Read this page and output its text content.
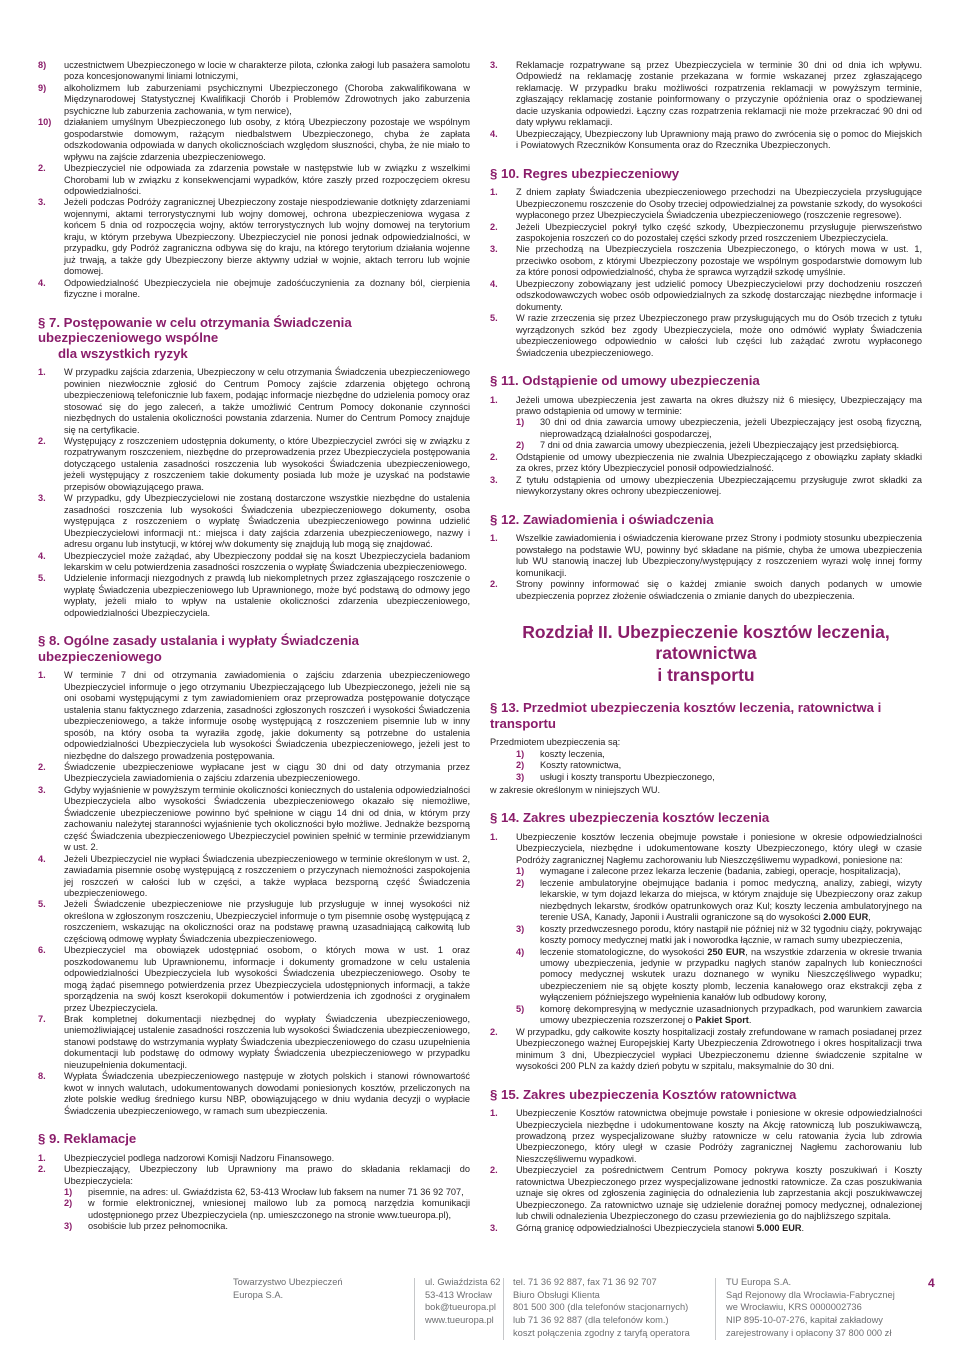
8)	uczestnictwem Ubezpieczonego w locie w charakterze pilota, członka załogi lub pasażera samolotu poza koncesjonowanymi liniami lotniczymi,
9)	alkoholizmem lub zaburzeniami psychicznymi Ubezpieczonego (Choroba zakwalifikowana w Międzynarodowej Statystycznej Kwalifikacji Chorób i Problemów Zdrowotnych jako zaburzenia psychiczne lub zaburzenia zachowania, w tym nerwice),
10)	działaniem umyślnym Ubezpieczonego lub osoby, z którą Ubezpieczony pozostaje we wspólnym gospodarstwie domowym, rażącym niedbalstwem Ubezpieczonego, chyba że zapłata odszkodowania odpowiada w danych okolicznościach względom słuszności, chyba, że nie miało to wpływu na zajście zdarzenia ubezpieczeniowego.
2.	Ubezpieczyciel nie odpowiada za zdarzenia powstałe w następstwie lub w związku z wszelkimi Chorobami lub w związku z konsekwencjami wypadków, które zaszły przed rozpoczęciem okresu odpowiedzialności.
3.	Jeżeli podczas Podróży zagranicznej Ubezpieczony zostaje niespodziewanie dotknięty zdarzeniami wojennymi, aktami terrorystycznymi lub wojny domowej, ochrona ubezpieczeniowa wygasa z końcem 5 dnia od rozpoczęcia wojny, aktów terrorystycznych lub wojny domowej na terytorium kraju, w którym przebywa Ubezpieczony. Ubezpieczyciel nie ponosi jednak odpowiedzialności, w przypadku, gdy Podróż zagraniczna odbywa się do kraju, na którego terytorium działania wojenne już trwają, a także gdy Ubezpieczony bierze aktywny udział w wojnie, aktach terroru lub wojnie domowej.
4.	Odpowiedzialność Ubezpieczyciela nie obejmuje zadośćuczynienia za doznany ból, cierpienia fizyczne i moralne.
§ 7. Postępowanie w celu otrzymania Świadczenia ubezpieczeniowego wspólne
dla wszystkich ryzyk
1.	W przypadku zajścia zdarzenia, Ubezpieczony w celu otrzymania Świadczenia ubezpieczeniowego powinien niezwłocznie zgłosić do Centrum Pomocy zajście zdarzenia objętego ochroną ubezpieczeniową telefonicznie lub faxem, podając informacje niezbędne do udzielenia pomocy oraz stosować się do jego zaleceń, a także umożliwić Centrum Pomocy dokonanie czynności niezbędnych do ustalenia okoliczności powstania zdarzenia. Numer do Centrum Pomocy znajduje się na certyfikacie.
2.	Występujący z roszczeniem udostępnia dokumenty, o które Ubezpieczyciel zwróci się w związku z rozpatrywanym roszczeniem, niezbędne do przeprowadzenia przez Ubezpieczyciela postępowania dotyczącego ustalenia zasadności roszczenia lub wysokości Świadczenia ubezpieczeniowego, jeżeli występujący z roszczeniem takie dokumenty posiada lub może je uzyskać na podstawie przepisów obowiązującego prawa.
3.	W przypadku, gdy Ubezpieczycielowi nie zostaną dostarczone wszystkie niezbędne do ustalenia zasadności roszczenia lub wysokości Świadczenia ubezpieczeniowego dokumenty, osoba występująca z roszczeniem o wypłatę Świadczenia ubezpieczeniowego powinna udzielić Ubezpieczycielowi informacji nt.: miejsca i daty zajścia zdarzenia ubezpieczeniowego, nazwy i adresu organu lub instytucji, w której w/w dokumenty się znajdują lub mogą się znajdować.
4.	Ubezpieczyciel może zażądać, aby Ubezpieczony poddał się na koszt Ubezpieczyciela badaniom lekarskim w celu potwierdzenia zasadności roszczenia o wypłatę Świadczenia ubezpieczeniowego.
5.	Udzielenie informacji niezgodnych z prawdą lub niekompletnych przez zgłaszającego roszczenie o wypłatę Świadczenia ubezpieczeniowego lub Uprawnionego, może być podstawą do odmowy jego wypłaty, jeżeli miało to wpływ na ustalenie okoliczności zdarzenia ubezpieczeniowego, odpowiedzialności Ubezpieczyciela.
§ 8. Ogólne zasady ustalania i wypłaty Świadczenia ubezpieczeniowego
1.	W terminie 7 dni od otrzymania zawiadomienia o zajściu zdarzenia ubezpieczeniowego Ubezpieczyciel informuje o jego otrzymaniu Ubezpieczającego lub Ubezpieczonego, jeżeli nie są oni osobami występującymi z tym zawiadomieniem oraz przeprowadza postępowanie dotyczące ustalenia stanu faktycznego zdarzenia, zasadności zgłoszonych roszczeń i wysokości Świadczenia ubezpieczeniowego, a także informuje osobę występującą z roszczeniem pisemnie lub w inny sposób, na który osoba ta wyraziła zgodę, jakie dokumenty są potrzebne do ustalenia odpowiedzialności Ubezpieczyciela lub wysokości Świadczenia ubezpieczeniowego, jeżeli jest to niezbędne do dalszego prowadzenia postępowania.
2.	Świadczenie ubezpieczeniowe wypłacane jest w ciągu 30 dni od daty otrzymania przez Ubezpieczyciela zawiadomienia o zajściu zdarzenia ubezpieczeniowego.
3.	Gdyby wyjaśnienie w powyższym terminie okoliczności koniecznych do ustalenia odpowiedzialności Ubezpieczyciela albo wysokości Świadczenia ubezpieczeniowego okazało się niemożliwe, Świadczenie ubezpieczeniowe powinno być spełnione w ciągu 14 dni od dnia, w którym przy zachowaniu należytej staranności wyjaśnienie tych okoliczności było możliwe. Jednakże bezsporną część Świadczenia ubezpieczeniowego Ubezpieczyciel powinien spełnić w terminie przewidzianym w ust. 2.
4.	Jeżeli Ubezpieczyciel nie wypłaci Świadczenia ubezpieczeniowego w terminie określonym w ust. 2, zawiadamia pisemnie osobę występującą z roszczeniem o przyczynach niemożności zaspokojenia jej roszczeń w całości lub w części, a także wypłaca bezsporną część Świadczenia ubezpieczeniowego.
5.	Jeżeli Świadczenie ubezpieczeniowe nie przysługuje lub przysługuje w innej wysokości niż określona w zgłoszonym roszczeniu, Ubezpieczyciel informuje o tym pisemnie osobę występującą z roszczeniem, wskazując na okoliczności oraz na podstawę prawną uzasadniającą całkowitą lub częściową odmowę wypłaty Świadczenia ubezpieczeniowego.
6.	Ubezpieczyciel ma obowiązek udostępniać osobom, o których mowa w ust. 1 oraz poszkodowanemu lub Uprawnionemu, informacje i dokumenty gromadzone w celu ustalenia odpowiedzialności Ubezpieczyciela lub wysokości Świadczenia ubezpieczeniowego. Osoby te mogą żądać pisemnego potwierdzenia przez Ubezpieczyciela udostępnionych informacji, a także sporządzenia na swój koszt kserokopii dokumentów i potwierdzenia ich zgodności z oryginałem przez Ubezpieczyciela.
7.	Brak kompletnej dokumentacji niezbędnej do wypłaty Świadczenia ubezpieczeniowego, uniemożliwiającej ustalenie zasadności roszczenia lub wysokości Świadczenia ubezpieczeniowego, stanowi podstawę do wstrzymania wypłaty Świadczenia ubezpieczeniowego do czasu uzupełnienia dokumentacji lub podstawę do odmowy wypłaty Świadczenia ubezpieczeniowego w przypadku nieuzupełnienia dokumentacji.
8.	Wypłata Świadczenia ubezpieczeniowego następuje w złotych polskich i stanowi równowartość kwot w innych walutach, udokumentowanych dowodami poniesionych kosztów, przeliczonych na złote polskie według średniego kursu NBP, obowiązującego w dniu wydania decyzji o wypłacie Świadczenia ubezpieczeniowego, w ramach sum ubezpieczenia.
§ 9. Reklamacje
1.	Ubezpieczyciel podlega nadzorowi Komisji Nadzoru Finansowego.
2.	Ubezpieczający, Ubezpieczony lub Uprawniony ma prawo do składania reklamacji do Ubezpieczyciela:
1)	pisemnie, na adres: ul. Gwiaździsta 62, 53-413 Wrocław lub faksem na numer 71 36 92 707,
2)	w formie elektronicznej, wniesionej mailowo lub za pomocą narzędzia komunikacji udostępnionego przez Ubezpieczyciela (np. umieszczonego na stronie www.tueuropa.pl),
3)	osobiście lub przez pełnomocnika.
3.	Reklamacje rozpatrywane są przez Ubezpieczyciela w terminie 30 dni od dnia ich wpływu. Odpowiedź na reklamację zostanie przekazana w formie wskazanej przez zgłaszającego reklamację. W przypadku braku możliwości rozpatrzenia reklamacji w powyższym terminie, zgłaszający reklamację zostanie poinformowany o przyczynie opóźnienia oraz o spodziewanej dacie uzyskania odpowiedzi. Łączny czas rozpatrzenia reklamacji nie może przekraczać 90 dni od daty wpływu reklamacji.
4.	Ubezpieczający, Ubezpieczony lub Uprawniony mają prawo do zwrócenia się o pomoc do Miejskich i Powiatowych Rzeczników Konsumenta oraz do Rzecznika Ubezpieczonych.
§ 10. Regres ubezpieczeniowy
1.	Z dniem zapłaty Świadczenia ubezpieczeniowego przechodzi na Ubezpieczyciela przysługujące Ubezpieczonemu roszczenie do Osoby trzeciej odpowiedzialnej za powstanie szkody, do wysokości wypłaconego przez Ubezpieczyciela Świadczenia ubezpieczeniowego (roszczenie regresowe).
2.	Jeżeli Ubezpieczyciel pokrył tylko część szkody, Ubezpieczonemu przysługuje pierwszeństwo zaspokojenia roszczeń co do pozostałej części szkody przed roszczeniem Ubezpieczyciela.
3.	Nie przechodzą na Ubezpieczyciela roszczenia Ubezpieczonego, o których mowa w ust. 1, przeciwko osobom, z którymi Ubezpieczony pozostaje we wspólnym gospodarstwie domowym lub za które ponosi odpowiedzialność, chyba że sprawca wyrządził szkodę umyślnie.
4.	Ubezpieczony zobowiązany jest udzielić pomocy Ubezpieczycielowi przy dochodzeniu roszczeń odszkodowawczych wobec osób odpowiedzialnych za szkodę dostarczając niezbędne informacje i dokumenty.
5.	W razie zrzeczenia się przez Ubezpieczonego praw przysługujących mu do Osób trzecich z tytułu wyrządzonych szkód bez zgody Ubezpieczyciela, może ono odmówić wypłaty Świadczenia ubezpieczeniowego odpowiednio w całości lub części lub zażądać zwrotu wypłaconego Świadczenia ubezpieczeniowego.
§ 11. Odstąpienie od umowy ubezpieczenia
1.	Jeżeli umowa ubezpieczenia jest zawarta na okres dłuższy niż 6 miesięcy, Ubezpieczający ma prawo odstąpienia od umowy w terminie:
1)	30 dni od dnia zawarcia umowy ubezpieczenia, jeżeli Ubezpieczający jest osobą fizyczną, nieprowadzącą działalności gospodarczej,
2)	7 dni od dnia zawarcia umowy ubezpieczenia, jeżeli Ubezpieczający jest przedsiębiorcą.
2.	Odstąpienie od umowy ubezpieczenia nie zwalnia Ubezpieczającego z obowiązku zapłaty składki za okres, przez który Ubezpieczyciel ponosił odpowiedzialność.
3.	Z tytułu odstąpienia od umowy ubezpieczenia Ubezpieczającemu przysługuje zwrot składki za niewykorzystany okres ochrony ubezpieczeniowej.
§ 12. Zawiadomienia i oświadczenia
1.	Wszelkie zawiadomienia i oświadczenia kierowane przez Strony i podmioty stosunku ubezpieczenia powstałego na podstawie WU, powinny być składane na piśmie, chyba że umowa ubezpieczenia lub WU stanowią inaczej lub Ubezpieczony/występujący z roszczeniem wyrazi wolę innej formy komunikacji.
2.	Strony powinny informować się o każdej zmianie swoich danych podanych w umowie ubezpieczenia poprzez złożenie oświadczenia o zmianie danych do ubezpieczenia.
Rozdział II. Ubezpieczenie kosztów leczenia, ratownictwa
i transportu
§ 13. Przedmiot ubezpieczenia kosztów leczenia, ratownictwa i transportu

Przedmiotem ubezpieczenia są:

1)	koszty leczenia,
2)	Koszty ratownictwa,
3)	usługi i koszty transportu Ubezpieczonego,

w zakresie określonym w niniejszych WU.

§ 14. Zakres ubezpieczenia kosztów leczenia
1.	Ubezpieczenie kosztów leczenia obejmuje powstałe i poniesione w okresie odpowiedzialności Ubezpieczyciela, niezbędne i udokumentowane koszty Ubezpieczonego, który uległ w czasie Podróży zagranicznej Nagłemu zachorowaniu lub Nieszczęśliwemu wypadkowi, poniesione na:
1)	wymagane i zalecone przez lekarza leczenie (badania, zabiegi, operacje, hospitalizacja),
2)	leczenie ambulatoryjne obejmujące badania i pomoc medyczną, analizy, zabiegi, wizyty lekarskie, w tym dojazd lekarza do miejsca, w którym znajduje się Ubezpieczony oraz zakup niezbędnych lekarstw, środków opatrunkowych oraz Kul; koszty leczenia ambulatoryjnego na terenie USA, Kanady, Japonii i Australii ograniczone są do wysokości 2.000 EUR,
3)	koszty przedwczesnego porodu, który nastąpił nie później niż w 32 tygodniu ciąży, pokrywając koszty pomocy medycznej matki jak i noworodka łącznie, w ramach sumy ubezpieczenia,
4)	leczenie stomatologiczne, do wysokości 250 EUR, na wszystkie zdarzenia w okresie trwania umowy ubezpieczenia, jedynie w przypadku nagłych stanów zapalnych lub konieczności pomocy medycznej wskutek urazu doznanego w wyniku Nieszczęśliwego wypadku; ubezpieczeniem nie są objęte koszty plomb, leczenia kanałowego oraz ekstrakcji zęba z wyłączeniem późniejszego wypełnienia kanałów lub odbudowy korony,
5)	komorę dekompresyjną w medycznie uzasadnionych przypadkach, pod warunkiem zawarcia umowy ubezpieczenia rozszerzonej o Pakiet Sport.
2.	W przypadku, gdy całkowite koszty hospitalizacji zostały zrefundowane w ramach posiadanej przez Ubezpieczonego ważnej Europejskiej Karty Ubezpieczenia Zdrowotnego i okres hospitalizacji trwa minimum 3 dni, Ubezpieczyciel wypłaci Ubezpieczonemu dzienne świadczenie szpitalne w wysokości 200 PLN za każdy dzień pobytu w szpitalu, maksymalnie do 30 dni.
§ 15. Zakres ubezpieczenia Kosztów ratownictwa
1.	Ubezpieczenie Kosztów ratownictwa obejmuje powstałe i poniesione w okresie odpowiedzialności Ubezpieczyciela niezbędne i udokumentowane koszty na Akcję ratowniczą lub poszukiwawczą, prowadzoną przez wyspecjalizowane służby ratownicze w celu ratowania życia lub zdrowia Ubezpieczonego, który uległ w czasie Podróży zagranicznej Nagłemu zachorowaniu lub Nieszczęśliwemu wypadkowi.
2.	Ubezpieczyciel za pośrednictwem Centrum Pomocy pokrywa koszty poszukiwań i Koszty ratownictwa Ubezpieczonego przez wyspecjalizowane jednostki ratownicze. Za czas poszukiwania uznaje się okres od zgłoszenia zaginięcia do odnalezienia lub zaprzestania akcji poszukiwawczej Ubezpieczonego. Za ratownictwo uznaje się udzielenie doraźnej pomocy medycznej, odnalezionej lub chwili odnalezienia Ubezpieczonego do czasu przewiezienia go do najbliższego szpitala.
3.	Górną granicę odpowiedzialności Ubezpieczyciela stanowi 5.000 EUR.
Towarzystwo Ubezpieczeń
Europa S.A.
ul. Gwiaździsta 62
53-413 Wrocław
bok@tueuropa.pl
www.tueuropa.pl
tel. 71 36 92 887, fax 71 36 92 707
Biuro Obsługi Klienta
801 500 300 (dla telefonów stacjonarnych)
lub 71 36 92 887 (dla telefonów kom.)
koszt połączenia zgodny z taryfą operatora
TU Europa S.A.
Sąd Rejonowy dla Wrocławia-Fabrycznej
we Wrocławiu, KRS 0000002736
NIP 895-10-07-276, kapitał zakładowy
zarejestrowany i opłacony 37 800 000 zł
4
